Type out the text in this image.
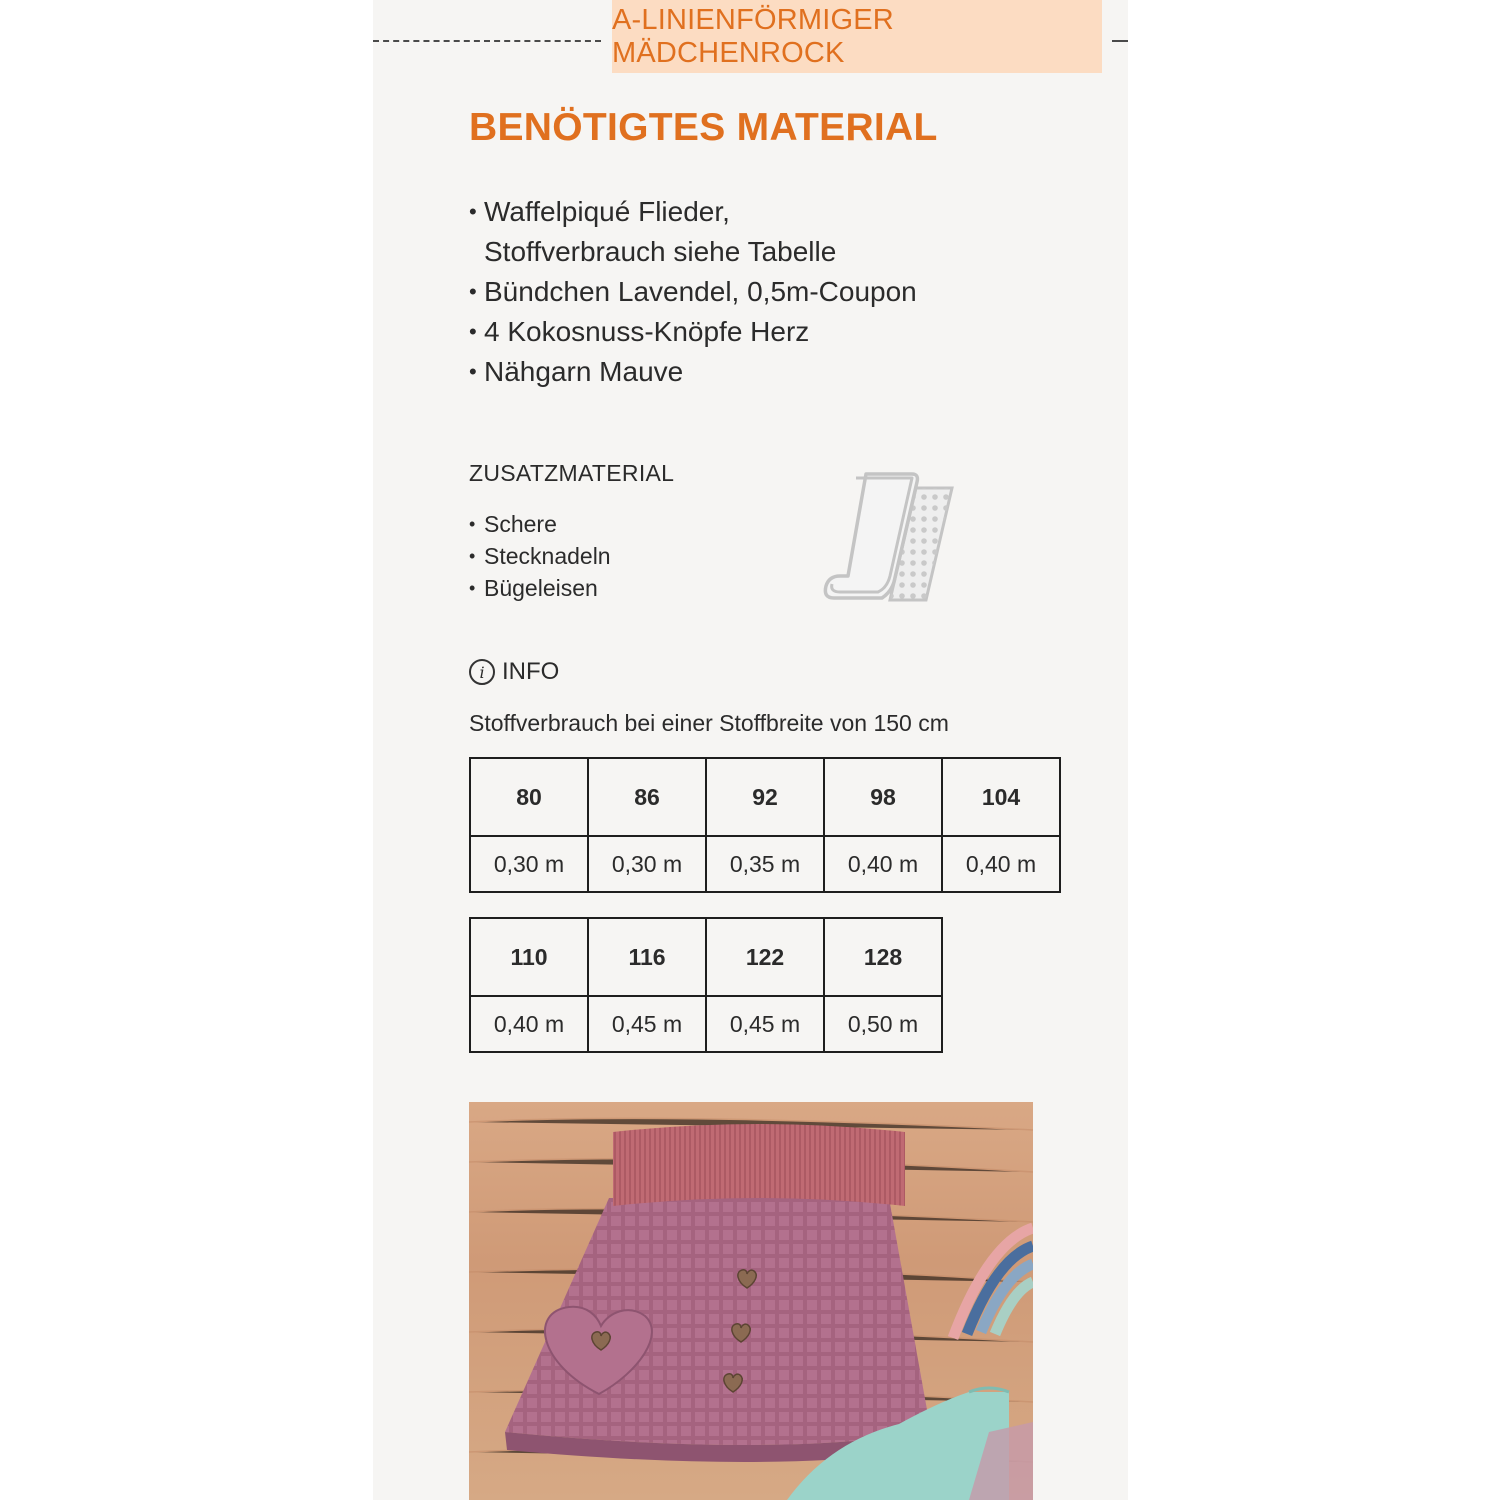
A-LINIENFÖRMIGER MÄDCHENROCK
BENÖTIGTES MATERIAL
• Waffelpiqué Flieder,
Stoffverbrauch siehe Tabelle
• Bündchen Lavendel, 0,5m-Coupon
• 4 Kokosnuss-Knöpfe Herz
• Nähgarn Mauve
ZUSATZMATERIAL
• Schere
• Stecknadeln
• Bügeleisen
i INFO
Stoffverbrauch bei einer Stoffbreite von 150 cm
80	86	92	98	104
0,30 m	0,30 m	0,35 m	0,40 m	0,40 m
110	116	122	128
0,40 m	0,45 m	0,45 m	0,50 m
